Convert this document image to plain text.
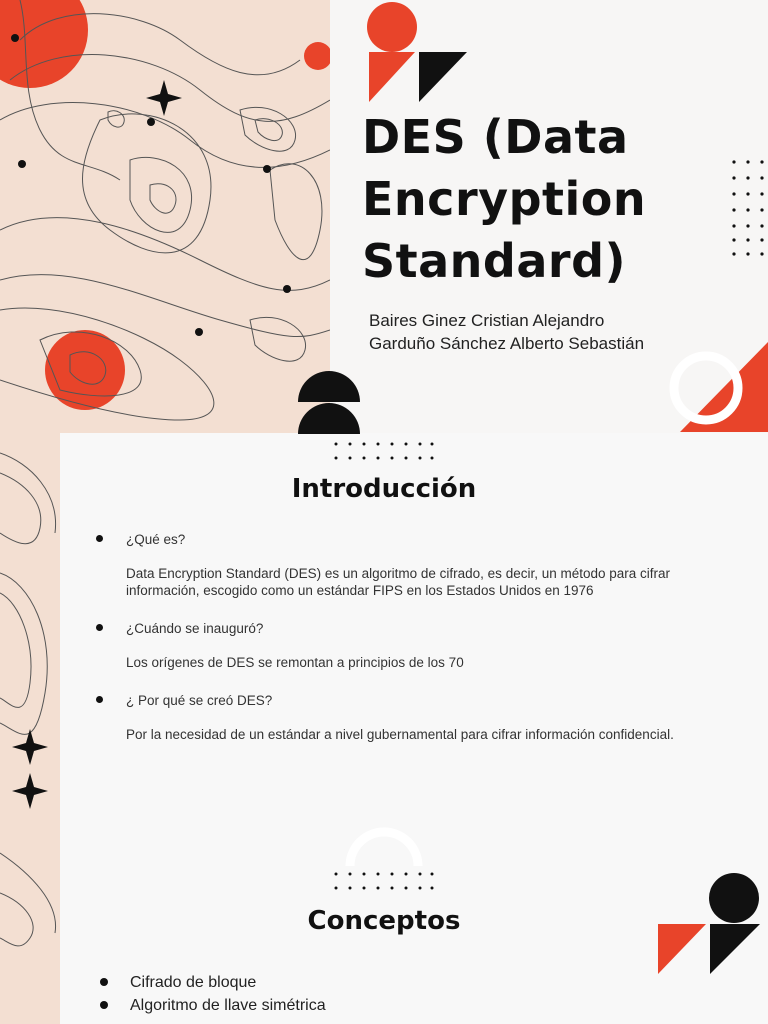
DES (Data
Encryption
Standard)
Baires Ginez Cristian Alejandro
Garduño Sánchez Alberto Sebastián
Introducción
¿Qué es?
Data Encryption Standard (DES) es un algoritmo de cifrado, es decir, un método para cifrar información, escogido como un estándar FIPS en los Estados Unidos en 1976
¿Cuándo se inauguró?
Los orígenes de DES se remontan a principios de los 70
¿ Por qué se creó DES?
Por la necesidad de un estándar a nivel gubernamental para cifrar información confidencial.
Conceptos
Cifrado de bloque
Algoritmo de llave simétrica
